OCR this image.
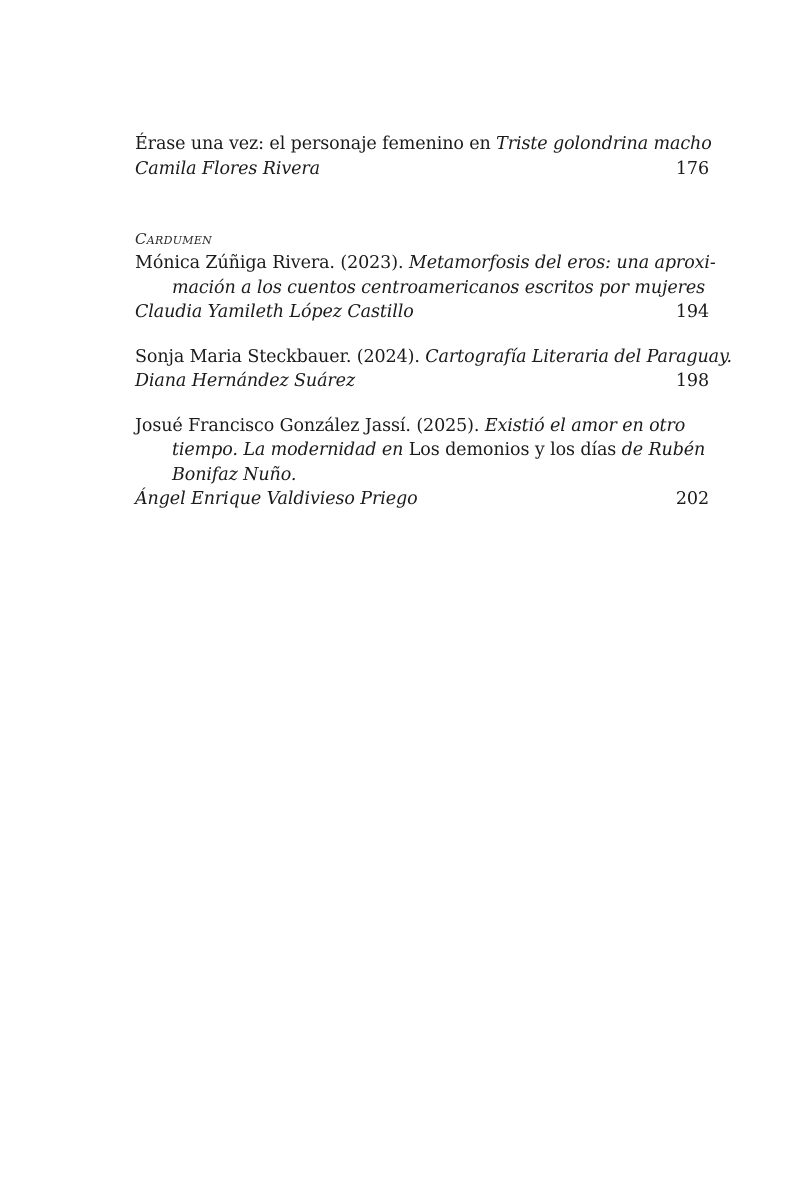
Érase una vez: el personaje femenino en Triste golondrina macho
Camila Flores Rivera	176
Cardumen
Mónica Zúñiga Rivera. (2023). Metamorfosis del eros: una aproxi-
mación a los cuentos centroamericanos escritos por mujeres
Claudia Yamileth López Castillo	194
Sonja Maria Steckbauer. (2024). Cartografía Literaria del Paraguay.
Diana Hernández Suárez	198
Josué Francisco González Jassí. (2025). Existió el amor en otro
tiempo. La modernidad en Los demonios y los días de Rubén
Bonifaz Nuño.
Ángel Enrique Valdivieso Priego	202
